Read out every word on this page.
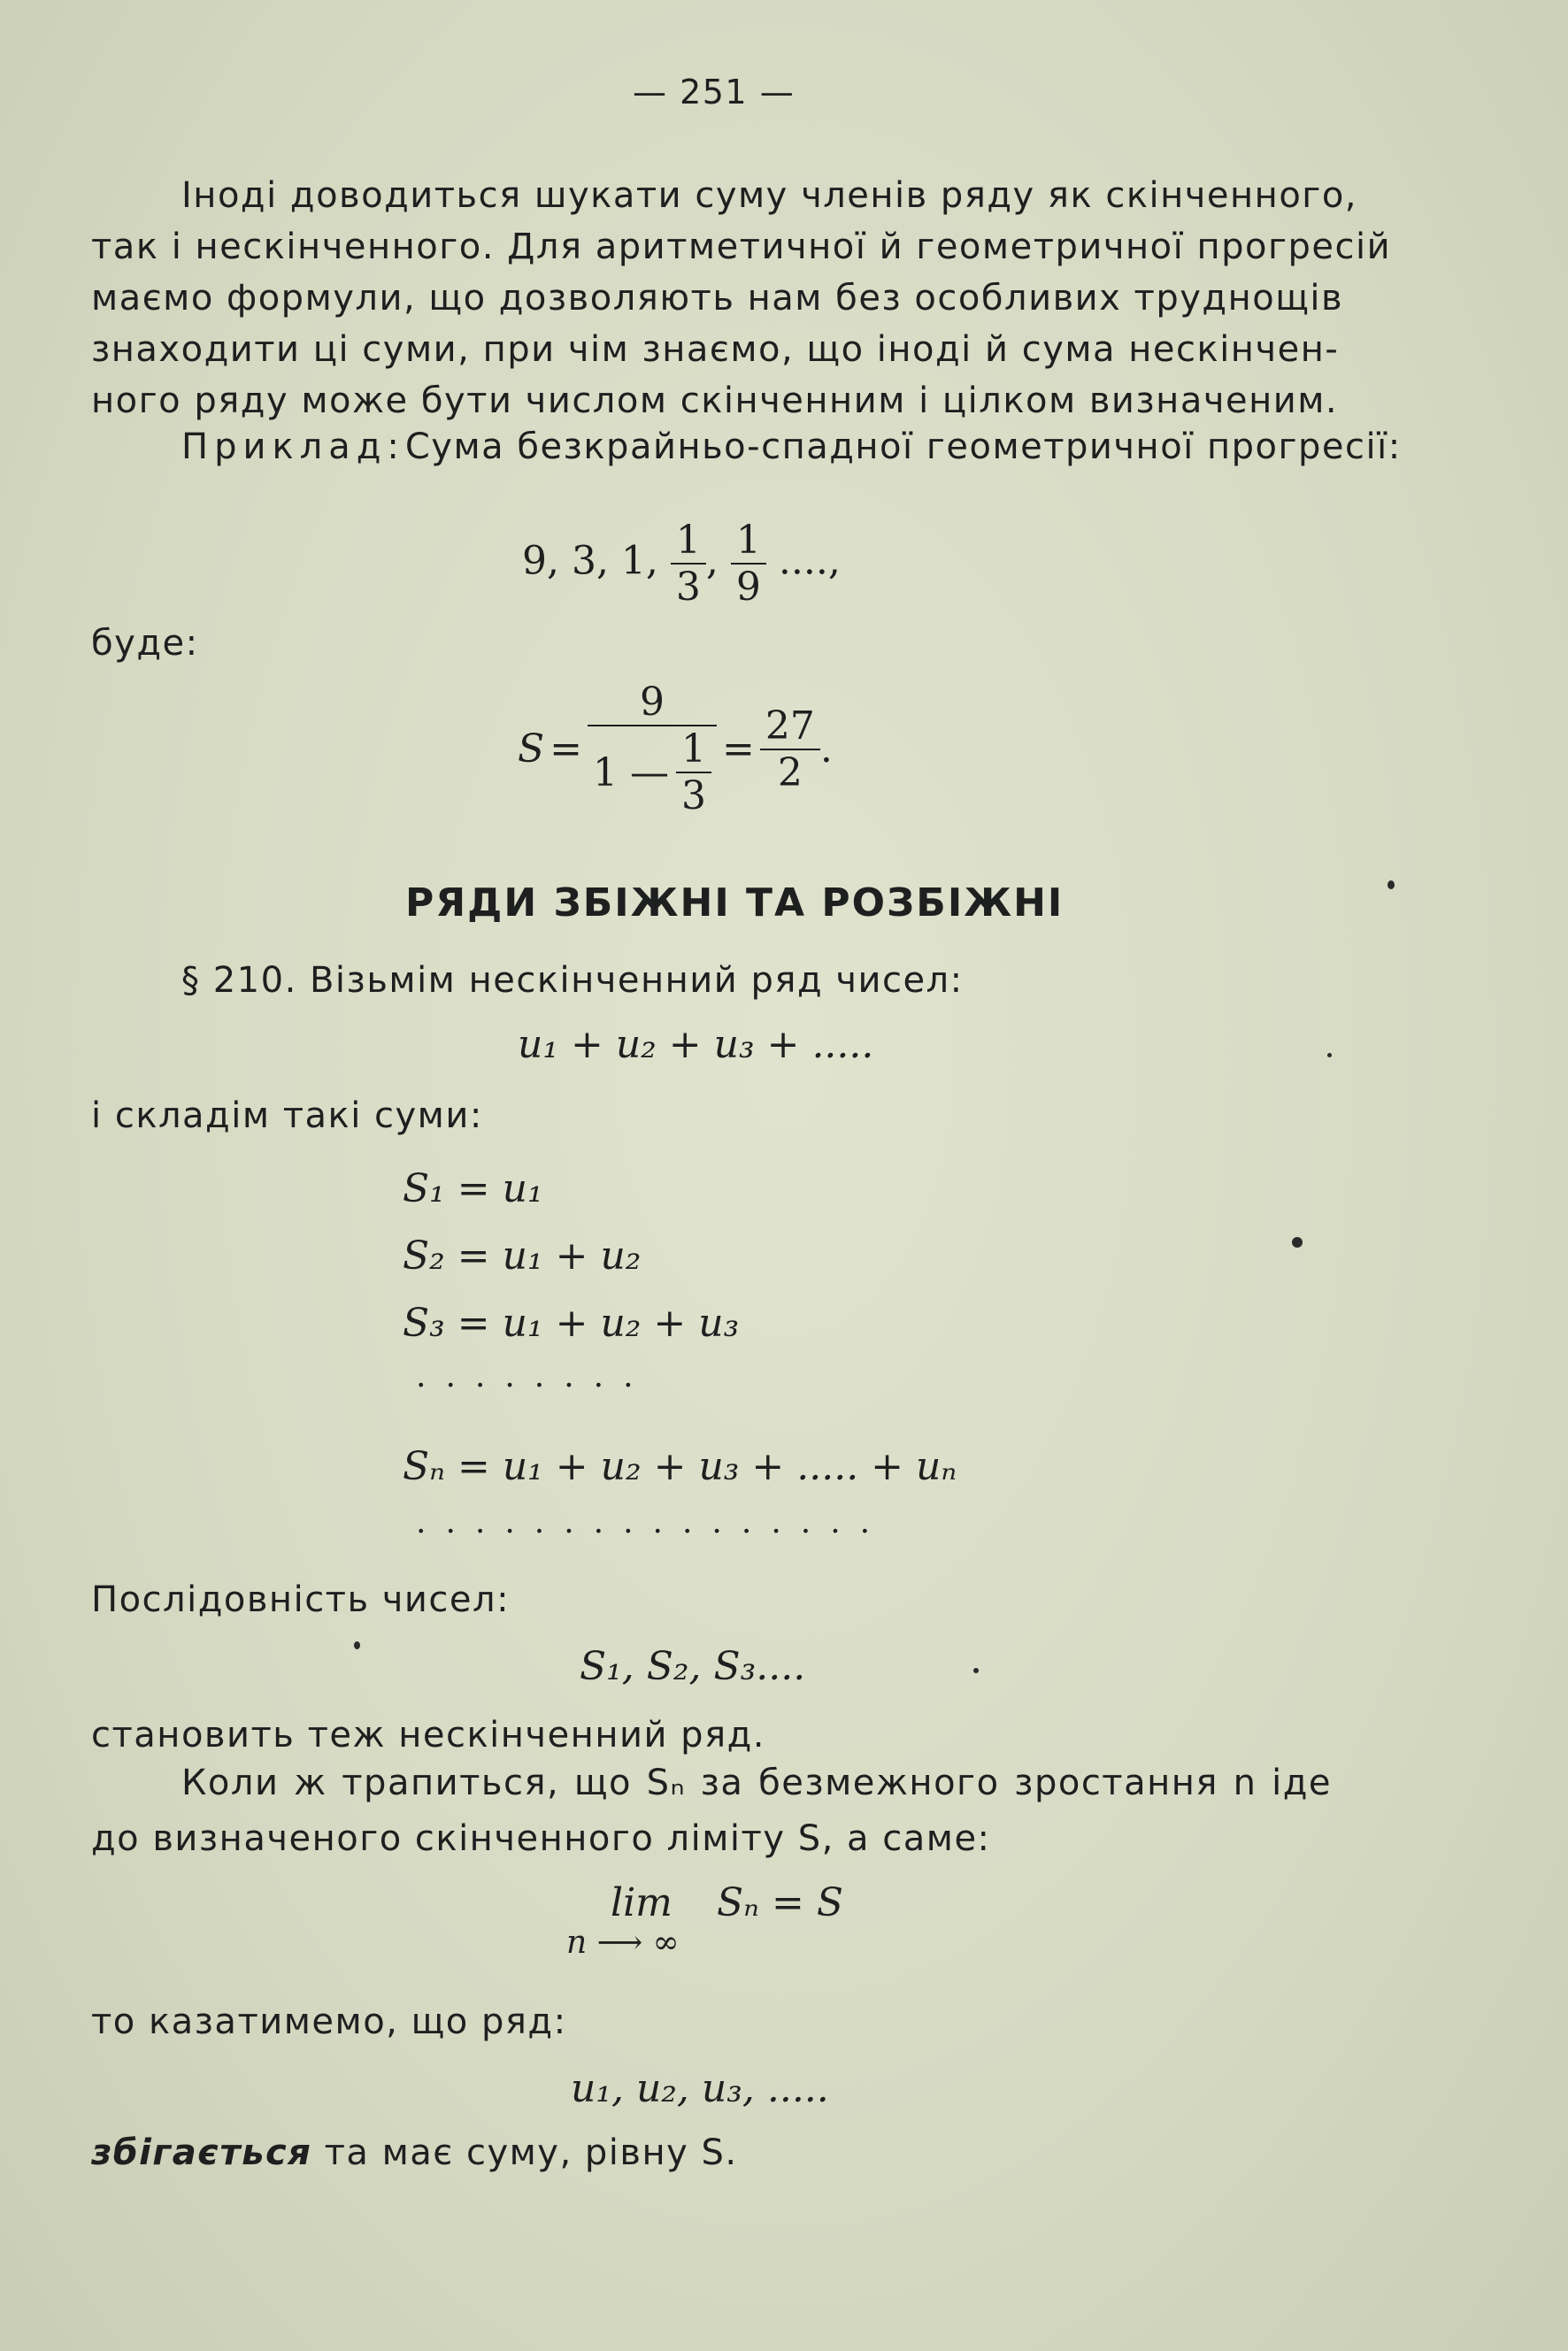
— 251 —
Іноді доводиться шукати суму членів ряду як скінченного,
так і нескінченного. Для аритметичної й геометричної прогресій
маємо формули, що дозволяють нам без особливих труднощів
знаходити ці суми, при чім знаємо, що іноді й сума нескінчен-
ного ряду може бути числом скінченним і цілком визначеним.
Приклад: Сума безкрайньо-спадної геометричної прогресії:
9, 3, 1, $\frac{1}{3}$ , $\frac{1}{9}$ ....,
буде:
$S = \frac{9}{1 — \frac{1}{3}} = \frac{27}{2}$ .
РЯДИ ЗБІЖНІ ТА РОЗБІЖНІ
§ 210. Візьмім нескінченний ряд чисел:
u₁ + u₂ + u₃ + .....
і складім такі суми:
S₁ = u₁
S₂ = u₁ + u₂
S₃ = u₁ + u₂ + u₃
........
Sₙ = u₁ + u₂ + u₃ + ..... + uₙ
................
Послідовність чисел:
S₁, S₂, S₃....
становить теж нескінченний ряд.
Коли ж трапиться, що Sₙ за безмежного зростання n іде
до визначеного скінченного ліміту S, а саме:
lim Sₙ = S
n ⟶ ∞
то казатимемо, що ряд:
u₁, u₂, u₃, .....
збігається та має суму, рівну S.
